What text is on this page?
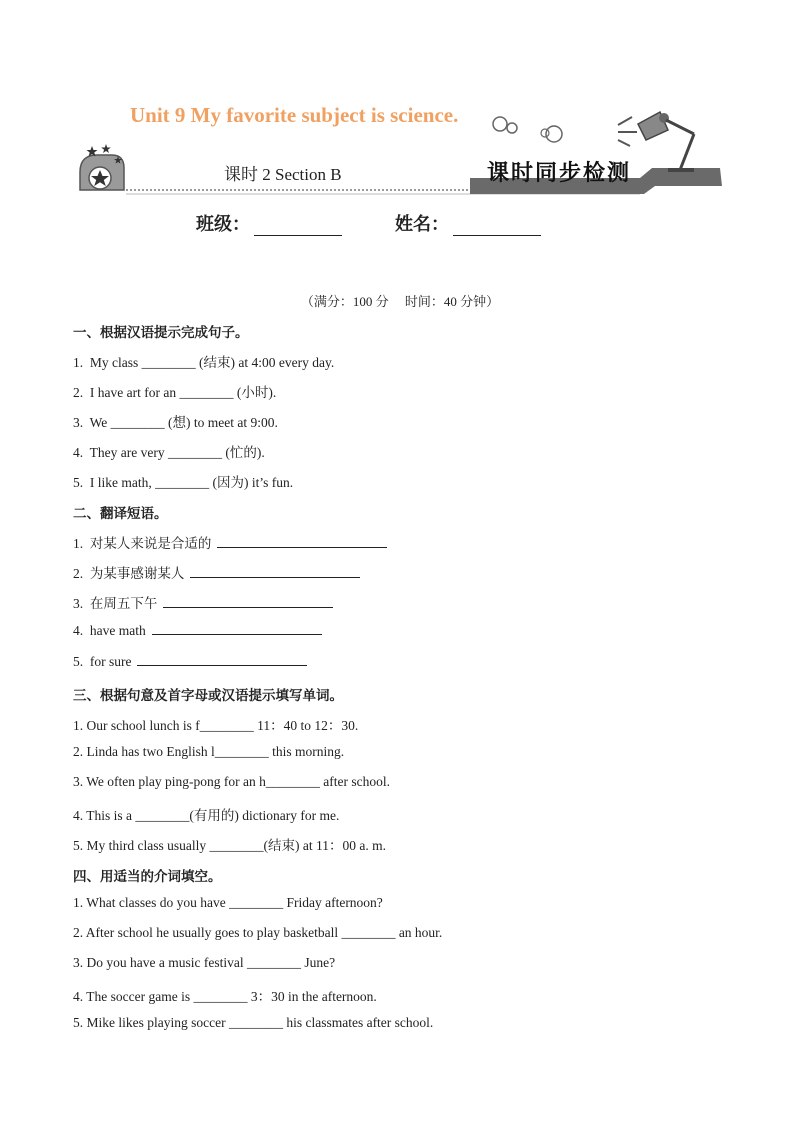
Unit 9 My favorite subject is science.
课时 2 Section B	课时同步检测
班级：	姓名：
（满分：100 分     时间：40 分钟）
一、根据汉语提示完成句子。
1.  My class ________ (结束) at 4:00 every day.
2.  I have art for an ________ (小时).
3.  We ________ (想) to meet at 9:00.
4.  They are very ________ (忙的).
5.  I like math, ________ (因为) it’s fun.
二、翻译短语。
1.  对某人来说是合适的
2.  为某事感谢某人
3.  在周五下午
4.  have math
5.  for sure
三、根据句意及首字母或汉语提示填写单词。
1. Our school lunch is f________ 11：40 to 12：30.
2. Linda has two English l________ this morning.
3. We often play ping-pong for an h________ after school.
4. This is a ________(有用的) dictionary for me.
5. My third class usually ________(结束) at 11：00 a. m.
四、用适当的介词填空。
1. What classes do you have ________ Friday afternoon?
2. After school he usually goes to play basketball ________ an hour.
3. Do you have a music festival ________ June?
4. The soccer game is ________ 3：30 in the afternoon.
5. Mike likes playing soccer ________ his classmates after school.
